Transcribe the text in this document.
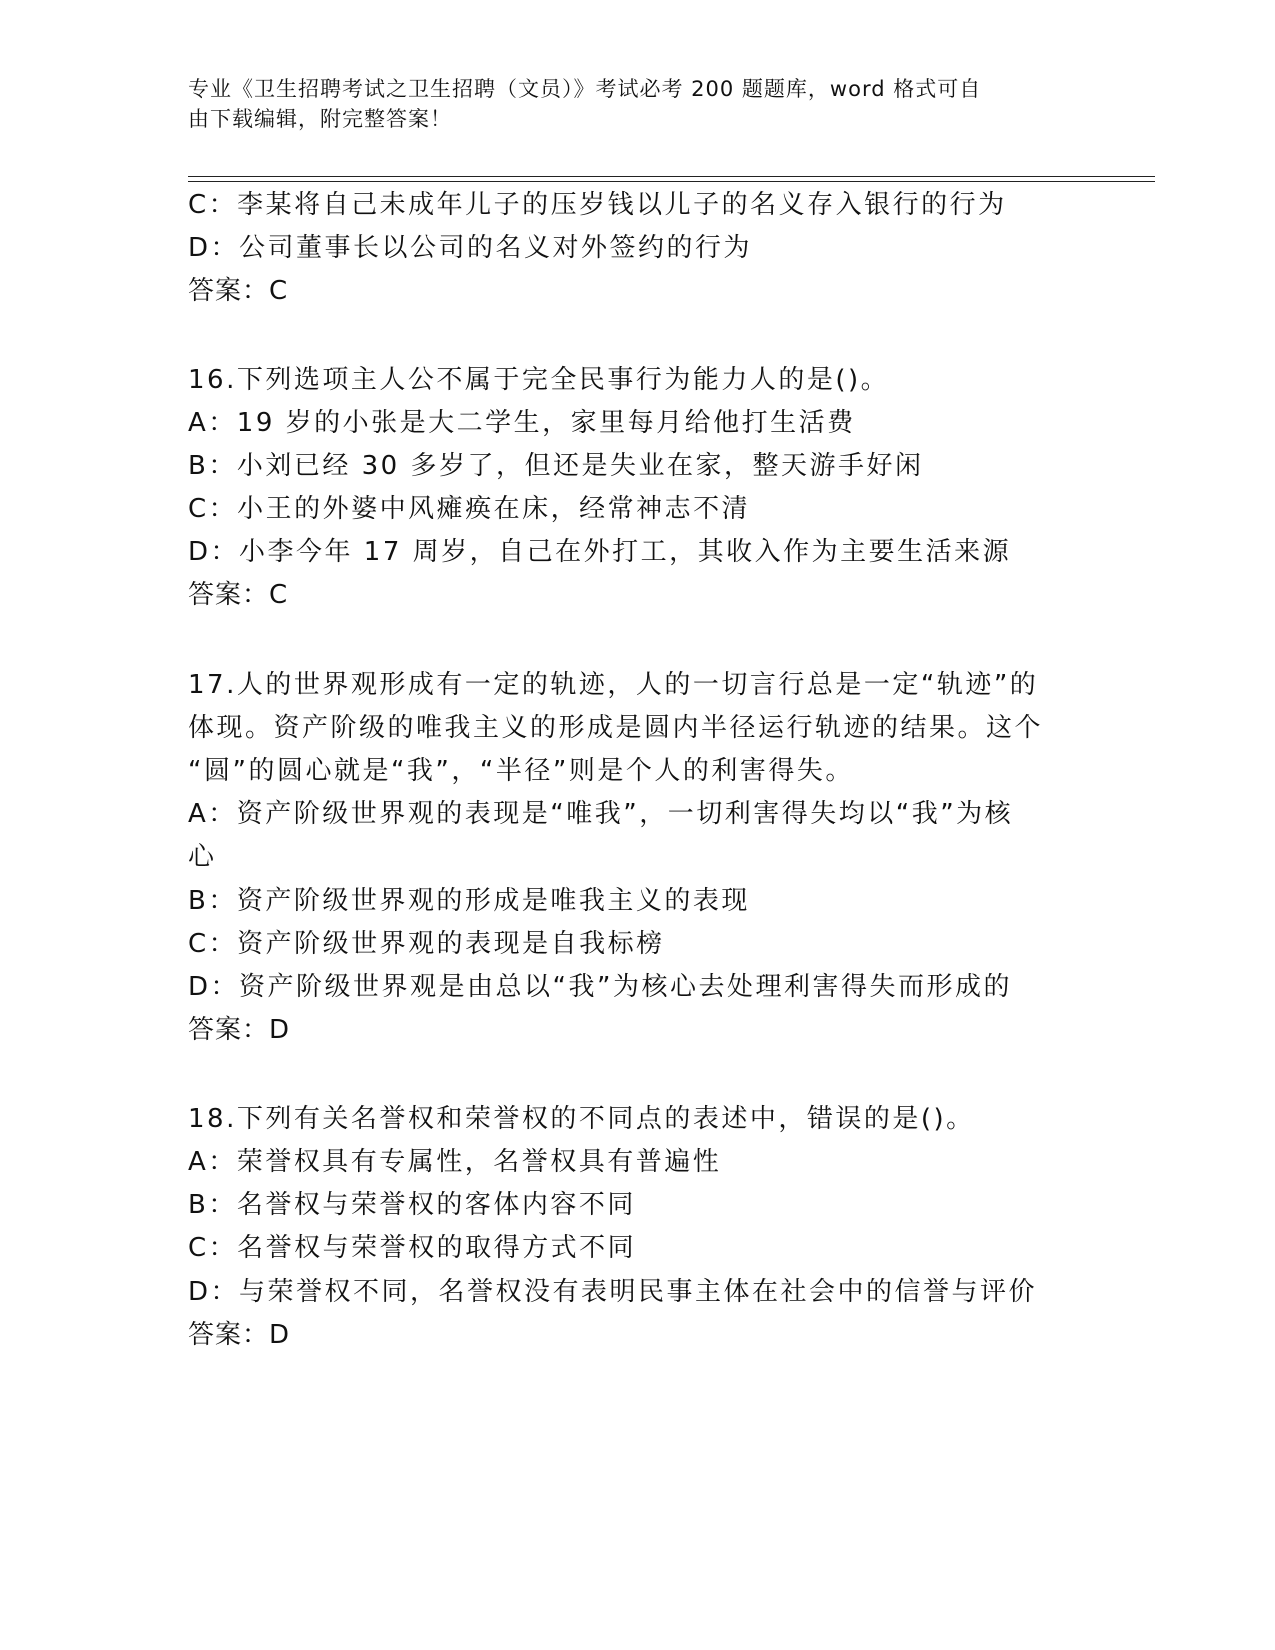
专业《卫生招聘考试之卫生招聘（文员）》考试必考 200 题题库，word 格式可自
由下载编辑，附完整答案！
C：李某将自己未成年儿子的压岁钱以儿子的名义存入银行的行为
D：公司董事长以公司的名义对外签约的行为
答案：C
16.下列选项主人公不属于完全民事行为能力人的是()。
A：19 岁的小张是大二学生，家里每月给他打生活费
B：小刘已经 30 多岁了，但还是失业在家，整天游手好闲
C：小王的外婆中风瘫痪在床，经常神志不清
D：小李今年 17 周岁，自己在外打工，其收入作为主要生活来源
答案：C
17.人的世界观形成有一定的轨迹，人的一切言行总是一定“轨迹”的
体现。资产阶级的唯我主义的形成是圆内半径运行轨迹的结果。这个
“圆”的圆心就是“我”，“半径”则是个人的利害得失。
A：资产阶级世界观的表现是“唯我”，一切利害得失均以“我”为核
心
B：资产阶级世界观的形成是唯我主义的表现
C：资产阶级世界观的表现是自我标榜
D：资产阶级世界观是由总以“我”为核心去处理利害得失而形成的
答案：D
18.下列有关名誉权和荣誉权的不同点的表述中，错误的是()。
A：荣誉权具有专属性，名誉权具有普遍性
B：名誉权与荣誉权的客体内容不同
C：名誉权与荣誉权的取得方式不同
D：与荣誉权不同，名誉权没有表明民事主体在社会中的信誉与评价
答案：D
